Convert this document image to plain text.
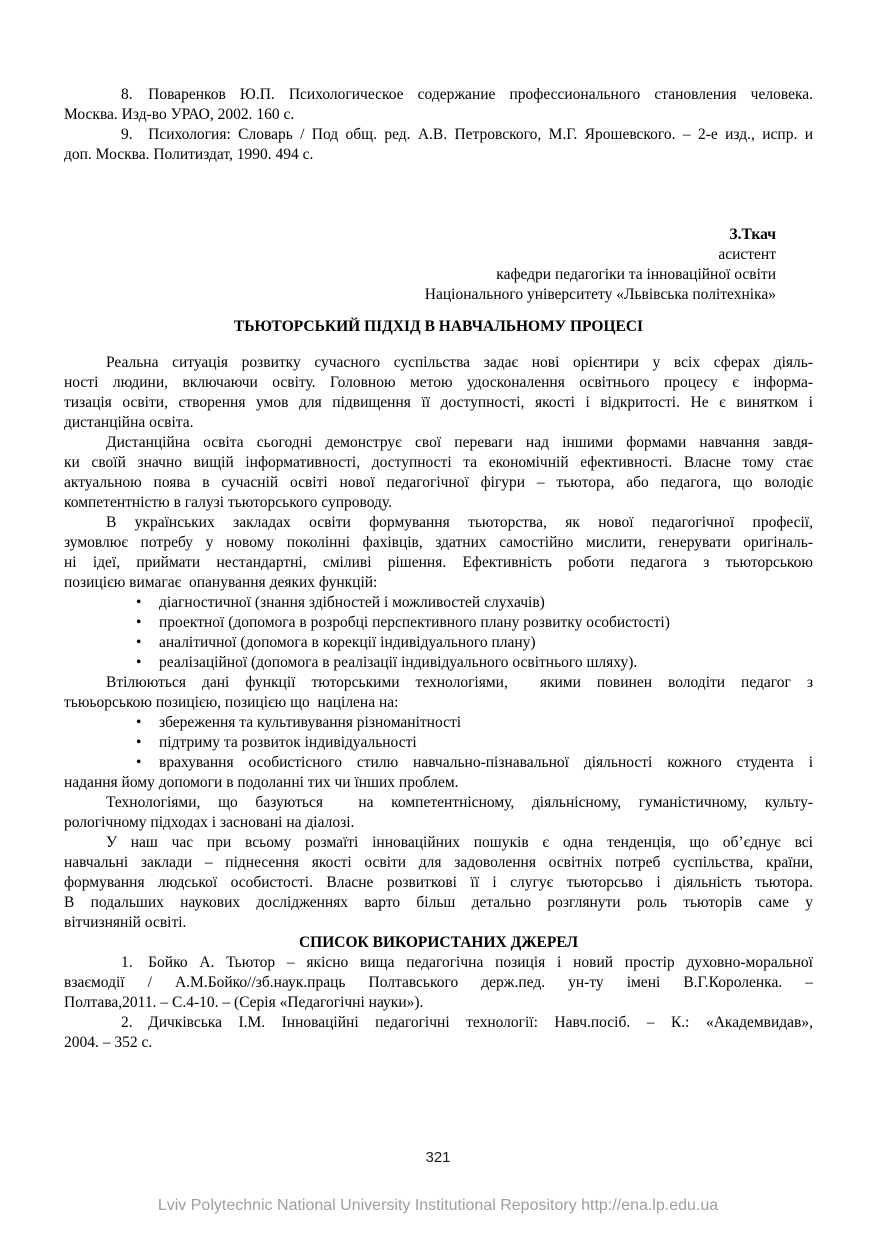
8. Поваренков Ю.П. Психологическое содержание профессионального становления человека.
Москва. Изд-во УРАО, 2002. 160 с.
9. Психология: Словарь / Под общ. ред. А.В. Петровского, М.Г. Ярошевского. – 2-е изд., испр. и
доп. Москва. Политиздат, 1990. 494 с.
З.Ткач
асистент
кафедри педагогіки та інноваційної освіти
Національного університету «Львівська політехніка»
ТЬЮТОРСЬКИЙ ПІДХІД В НАВЧАЛЬНОМУ ПРОЦЕСІ
Реальна ситуація розвитку сучасного суспільства задає нові орієнтири у всіх сферах діяль-
ності людини, включаючи освіту. Головною метою удосконалення освітнього процесу є інформа-
тизація освіти, створення умов для підвищення її доступності, якості і відкритості. Не є винятком і
дистанційна освіта.
Дистанційна освіта сьогодні демонструє свої переваги над іншими формами навчання завдя-
ки своїй значно вищій інформативності, доступності та економічній ефективності. Власне тому стає
актуальною поява в сучасній освіті нової педагогічної фігури – тьютора, або педагога, що володіє
компетентністю в галузі тьюторського супроводу.
В українських закладах освіти формування тьюторства, як нової педагогічної професії,
зумовлює потребу у новому поколінні фахівців, здатних самостійно мислити, генерувати оригіналь-
ні ідеї, приймати нестандартні, сміливі рішення. Ефективність роботи педагога з тьюторською
позицією вимагає  опанування деяких функцій:
• діагностичної (знання здібностей і можливостей слухачів)
• проектної (допомога в розробці перспективного плану розвитку особистості)
• аналітичної (допомога в корекції індивідуального плану)
• реалізаційної (допомога в реалізації індивідуального освітнього шляху).
Втілюються дані функції тюторськими технологіями,  якими повинен володіти педагог з
тьюьорською позицією, позицією що  націлена на:
• збереження та культивування різноманітності
• підтриму та розвиток індивідуальності
• врахування особистісного стилю навчально-пізнавальної діяльності кожного студента і
надання йому допомоги в подоланні тих чи їнших проблем.
Технологіями, що базуються  на компетентнісному, діяльнісному, гуманістичному, культу-
рологічному підходах і засновані на діалозі.
У наш час при всьому розмаїті інноваційних пошуків є одна тенденція, що об’єднує всі
навчальні заклади – піднесення якості освіти для задоволення освітніх потреб суспільства, країни,
формування людської особистості. Власне розвиткові її і слугує тьюторсьво і діяльність тьютора.
В подальших наукових дослідженнях варто більш детально розглянути роль тьюторів саме у
вітчизняній освіті.
СПИСОК ВИКОРИСТАНИХ ДЖЕРЕЛ
1. Бойко А. Тьютор – якісно вища педагогічна позиція і новий простір духовно-моральної
взаємодії / А.М.Бойко//зб.наук.праць Полтавського держ.пед. ун-ту імені В.Г.Короленка. –
Полтава,2011. – С.4-10. – (Серія «Педагогічні науки»).
2. Дичківська І.М. Інноваційні педагогічні технології: Навч.посіб. – К.: «Академвидав»,
2004. – 352 с.
321
Lviv Polytechnic National University Institutional Repository http://ena.lp.edu.ua
